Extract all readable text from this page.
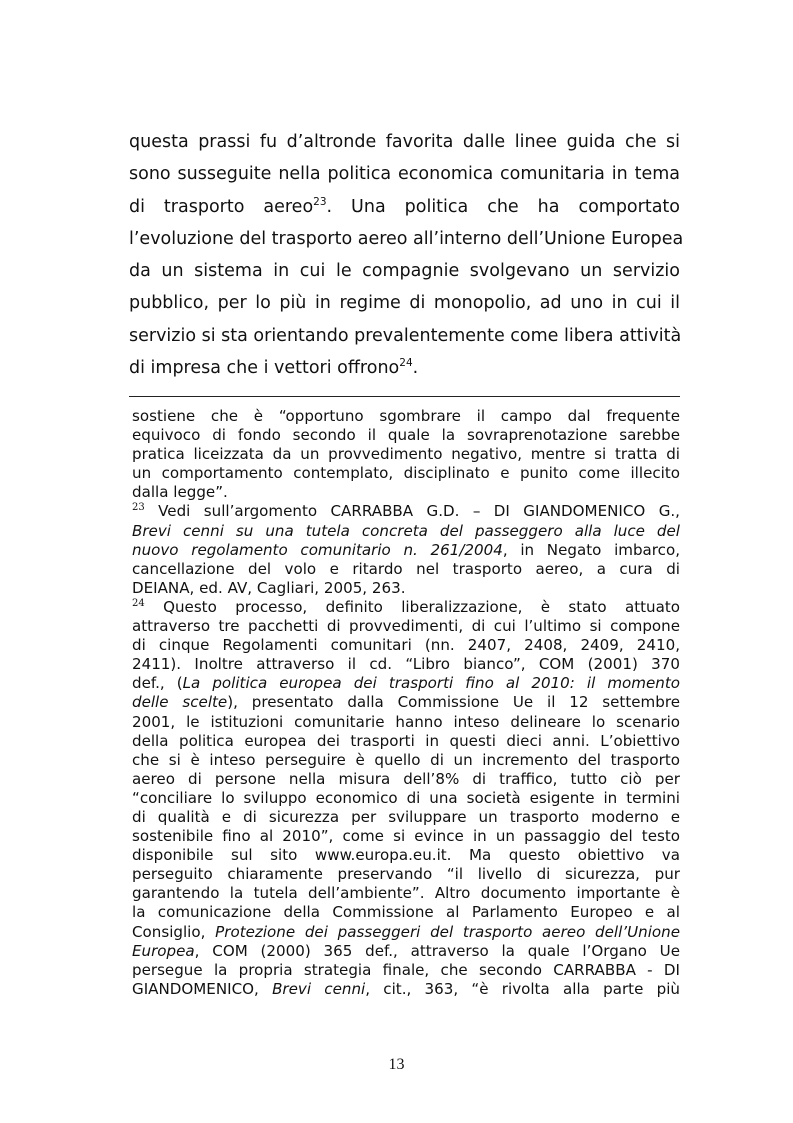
questa prassi fu d’altronde favorita dalle linee guida che si
sono susseguite nella politica economica comunitaria in tema
di trasporto aereo$^{23}$. Una politica che ha comportato
l’evoluzione del trasporto aereo all’interno dell’Unione Europea
da un sistema in cui le compagnie svolgevano un servizio
pubblico, per lo più in regime di monopolio, ad uno in cui il
servizio si sta orientando prevalentemente come libera attività
di impresa che i vettori offrono$^{24}$.
sostiene che è “opportuno sgombrare il campo dal frequente
equivoco di fondo secondo il quale la sovraprenotazione sarebbe
pratica liceizzata da un provvedimento negativo, mentre si tratta di
un comportamento contemplato, disciplinato e punito come illecito
dalla legge”.
$^{23}$ Vedi sull’argomento CARRABBA G.D. – DI GIANDOMENICO G.,
Brevi cenni su una tutela concreta del passeggero alla luce del
nuovo regolamento comunitario n. 261/2004, in Negato imbarco,
cancellazione del volo e ritardo nel trasporto aereo, a cura di
DEIANA, ed. AV, Cagliari, 2005, 263.
$^{24}$ Questo processo, definito liberalizzazione, è stato attuato
attraverso tre pacchetti di provvedimenti, di cui l’ultimo si compone
di cinque Regolamenti comunitari (nn. 2407, 2408, 2409, 2410,
2411). Inoltre attraverso il cd. “Libro bianco”, COM (2001) 370
def., (La politica europea dei trasporti fino al 2010: il momento
delle scelte), presentato dalla Commissione Ue il 12 settembre
2001, le istituzioni comunitarie hanno inteso delineare lo scenario
della politica europea dei trasporti in questi dieci anni. L’obiettivo
che si è inteso perseguire è quello di un incremento del trasporto
aereo di persone nella misura dell’8% di traffico, tutto ciò per
“conciliare lo sviluppo economico di una società esigente in termini
di qualità e di sicurezza per sviluppare un trasporto moderno e
sostenibile fino al 2010”, come si evince in un passaggio del testo
disponibile sul sito www.europa.eu.it. Ma questo obiettivo va
perseguito chiaramente preservando “il livello di sicurezza, pur
garantendo la tutela dell’ambiente”. Altro documento importante è
la comunicazione della Commissione al Parlamento Europeo e al
Consiglio, Protezione dei passeggeri del trasporto aereo dell’Unione
Europea, COM (2000) 365 def., attraverso la quale l’Organo Ue
persegue la propria strategia finale, che secondo CARRABBA - DI
GIANDOMENICO, Brevi cenni, cit., 363, “è rivolta alla parte più
13
